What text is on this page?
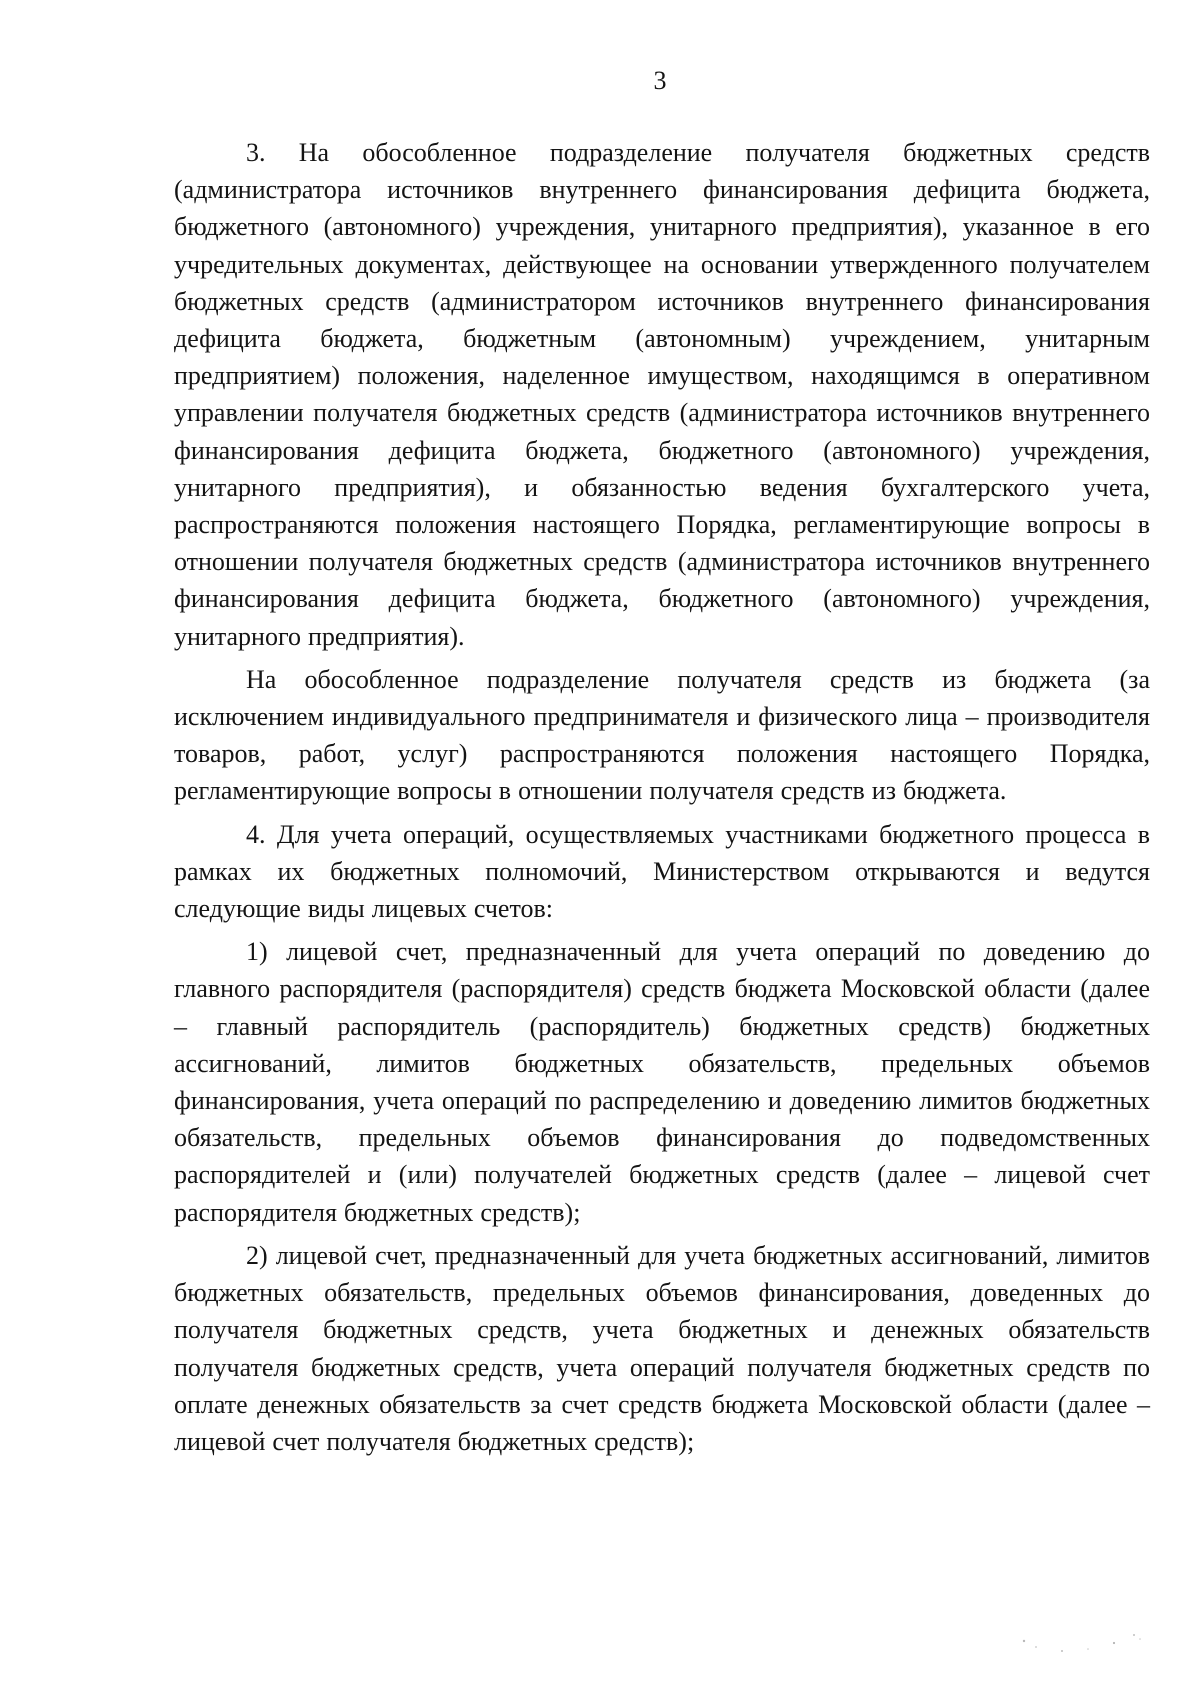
3

3. На обособленное подразделение получателя бюджетных средств (администратора источников внутреннего финансирования дефицита бюджета, бюджетного (автономного) учреждения, унитарного предприятия), указанное в его учредительных документах, действующее на основании утвержденного получателем бюджетных средств (администратором источников внутреннего финансирования дефицита бюджета, бюджетным (автономным) учреждением, унитарным предприятием) положения, наделенное имуществом, находящимся в оперативном управлении получателя бюджетных средств (администратора источников внутреннего финансирования дефицита бюджета, бюджетного (автономного) учреждения, унитарного предприятия), и обязанностью ведения бухгалтерского учета, распространяются положения настоящего Порядка, регламентирующие вопросы в отношении получателя бюджетных средств (администратора источников внутреннего финансирования дефицита бюджета, бюджетного (автономного) учреждения, унитарного предприятия).

На обособленное подразделение получателя средств из бюджета (за исключением индивидуального предпринимателя и физического лица – производителя товаров, работ, услуг) распространяются положения настоящего Порядка, регламентирующие вопросы в отношении получателя средств из бюджета.

4. Для учета операций, осуществляемых участниками бюджетного процесса в рамках их бюджетных полномочий, Министерством открываются и ведутся следующие виды лицевых счетов:

1) лицевой счет, предназначенный для учета операций по доведению до главного распорядителя (распорядителя) средств бюджета Московской области (далее – главный распорядитель (распорядитель) бюджетных средств) бюджетных ассигнований, лимитов бюджетных обязательств, предельных объемов финансирования, учета операций по распределению и доведению лимитов бюджетных обязательств, предельных объемов финансирования до подведомственных распорядителей и (или) получателей бюджетных средств (далее – лицевой счет распорядителя бюджетных средств);

2) лицевой счет, предназначенный для учета бюджетных ассигнований, лимитов бюджетных обязательств, предельных объемов финансирования, доведенных до получателя бюджетных средств, учета бюджетных и денежных обязательств получателя бюджетных средств, учета операций получателя бюджетных средств по оплате денежных обязательств за счет средств бюджета Московской области (далее – лицевой счет получателя бюджетных средств);
